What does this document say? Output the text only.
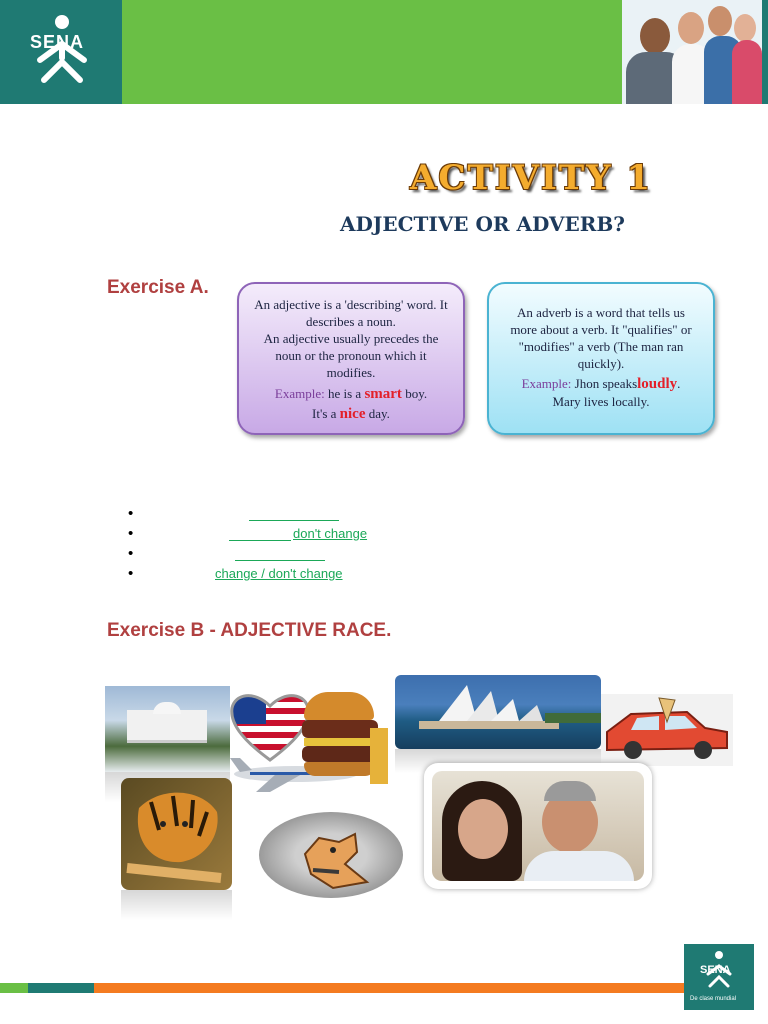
SENA
ACTIVITY 1
ADJECTIVE OR ADVERB?
Exercise A.
An adjective is a 'describing' word. It describes a noun.
An adjective usually precedes the noun or the pronoun which it modifies.
Example: he is a smart boy.
It's a nice day.
An adverb is a word that tells us more about a verb. It "qualifies" or "modifies" a verb (The man ran quickly).
Example: Jhon speaksloudly.
Mary lives locally.
•
• don't change
•
• change / don't change
Exercise B - ADJECTIVE RACE.
SENA
De clase mundial
